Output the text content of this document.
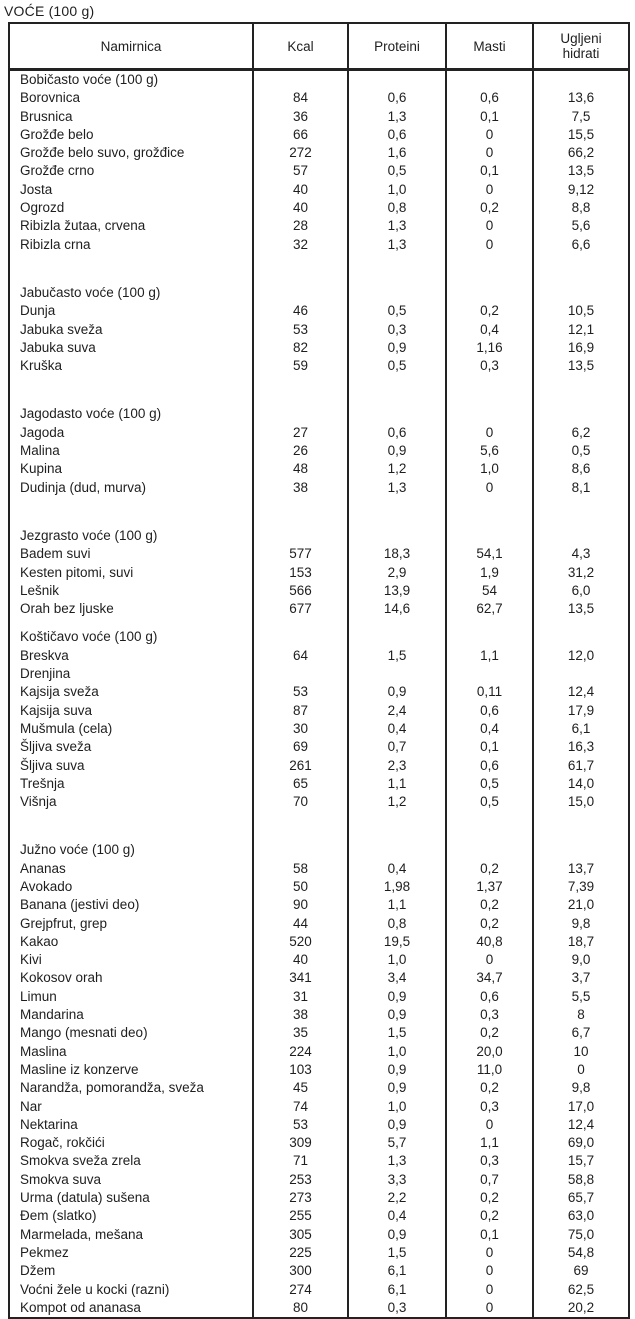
VOĆE (100 g)
Namirnica	Kcal	Proteini	Masti	Ugljeni hidrati
Bobičasto voće (100 g)				
Borovnica	84	0,6	0,6	13,6
Brusnica	36	1,3	0,1	7,5
Grožđe belo	66	0,6	0	15,5
Grožđe belo suvo, grožđice	272	1,6	0	66,2
Grožđe crno	57	0,5	0,1	13,5
Josta	40	1,0	0	9,12
Ogrozd	40	0,8	0,2	8,8
Ribizla žutaa, crvena	28	1,3	0	5,6
Ribizla crna	32	1,3	0	6,6

Jabučasto voće (100 g)				
Dunja	46	0,5	0,2	10,5
Jabuka sveža	53	0,3	0,4	12,1
Jabuka suva	82	0,9	1,16	16,9
Kruška	59	0,5	0,3	13,5

Jagodasto voće (100 g)				
Jagoda	27	0,6	0	6,2
Malina	26	0,9	5,6	0,5
Kupina	48	1,2	1,0	8,6
Dudinja (dud, murva)	38	1,3	0	8,1

Jezgrasto voće (100 g)				
Badem suvi	577	18,3	54,1	4,3
Kesten pitomi, suvi	153	2,9	1,9	31,2
Lešnik	566	13,9	54	6,0
Orah bez ljuske	677	14,6	62,7	13,5

Koštičavo voće (100 g)				
Breskva	64	1,5	1,1	12,0
Drenjina				
Kajsija sveža	53	0,9	0,11	12,4
Kajsija suva	87	2,4	0,6	17,9
Mušmula (cela)	30	0,4	0,4	6,1
Šljiva sveža	69	0,7	0,1	16,3
Šljiva suva	261	2,3	0,6	61,7
Trešnja	65	1,1	0,5	14,0
Višnja	70	1,2	0,5	15,0

Južno voće (100 g)				
Ananas	58	0,4	0,2	13,7
Avokado	50	1,98	1,37	7,39
Banana (jestivi deo)	90	1,1	0,2	21,0
Grejpfrut, grep	44	0,8	0,2	9,8
Kakao	520	19,5	40,8	18,7
Kivi	40	1,0	0	9,0
Kokosov orah	341	3,4	34,7	3,7
Limun	31	0,9	0,6	5,5
Mandarina	38	0,9	0,3	8
Mango (mesnati deo)	35	1,5	0,2	6,7
Maslina	224	1,0	20,0	10
Masline iz konzerve	103	0,9	11,0	0
Narandža, pomorandža, sveža	45	0,9	0,2	9,8
Nar	74	1,0	0,3	17,0
Nektarina	53	0,9	0	12,4
Rogač, rokčići	309	5,7	1,1	69,0
Smokva sveža zrela	71	1,3	0,3	15,7
Smokva suva	253	3,3	0,7	58,8
Urma (datula) sušena	273	2,2	0,2	65,7
Đem (slatko)	255	0,4	0,2	63,0
Marmelada, mešana	305	0,9	0,1	75,0
Pekmez	225	1,5	0	54,8
Džem	300	6,1	0	69
Voćni žele u kocki (razni)	274	6,1	0	62,5
Kompot od ananasa	80	0,3	0	20,2
